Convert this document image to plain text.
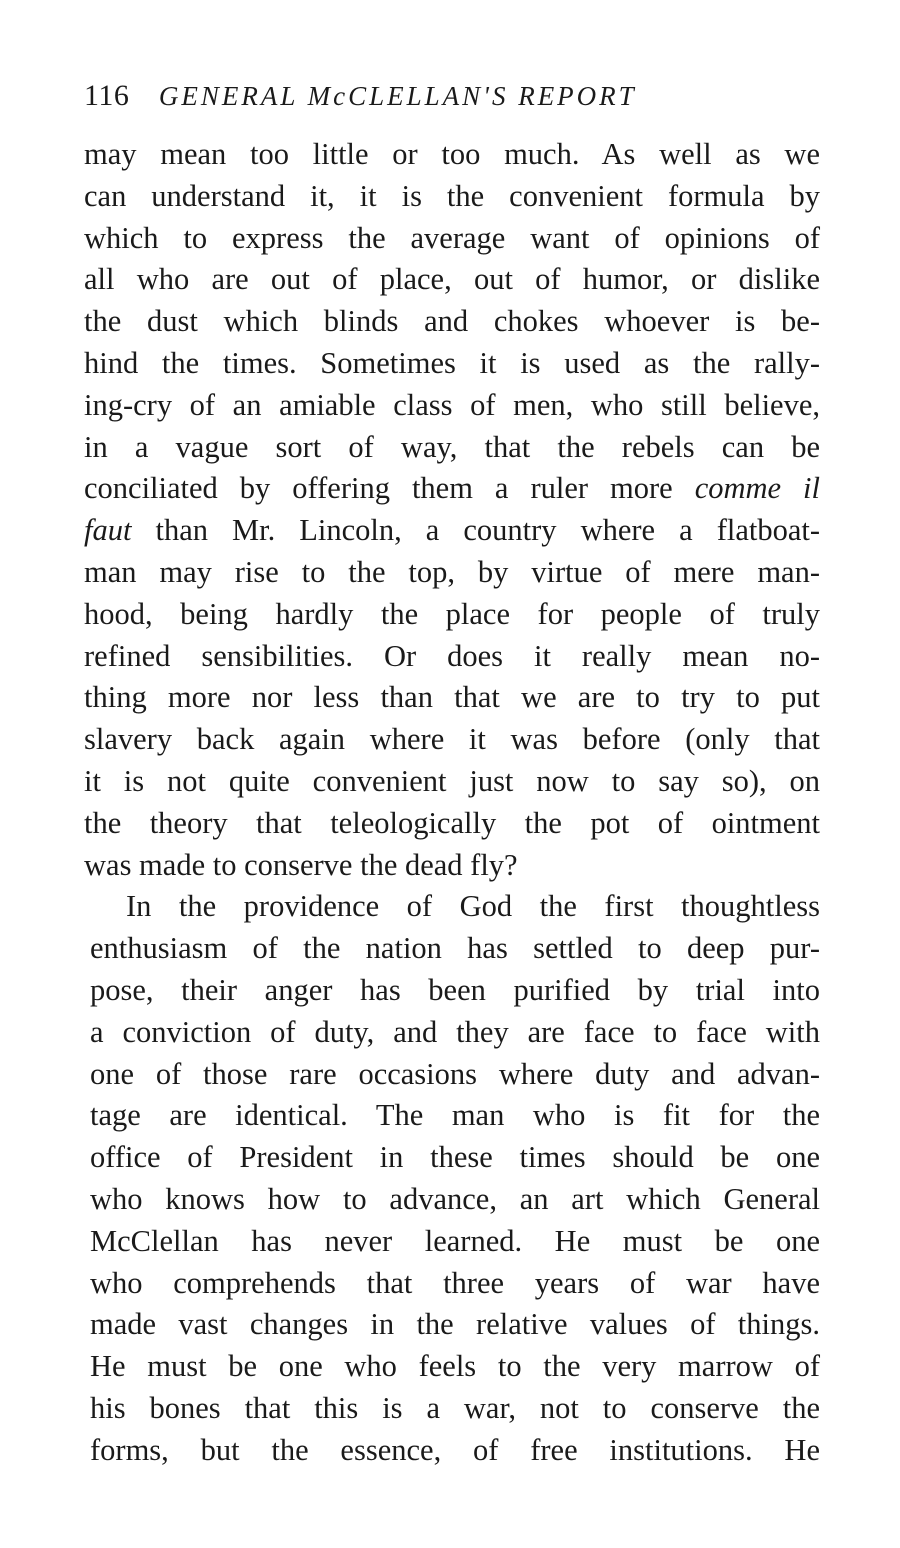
116 GENERAL McCLELLAN'S REPORT
may mean too little or too much. As well as we
can understand it, it is the convenient formula by
which to express the average want of opinions of
all who are out of place, out of humor, or dislike
the dust which blinds and chokes whoever is be-
hind the times. Sometimes it is used as the rally-
ing-cry of an amiable class of men, who still believe,
in a vague sort of way, that the rebels can be
conciliated by offering them a ruler more comme il
faut than Mr. Lincoln, a country where a flatboat-
man may rise to the top, by virtue of mere man-
hood, being hardly the place for people of truly
refined sensibilities. Or does it really mean no-
thing more nor less than that we are to try to put
slavery back again where it was before (only that
it is not quite convenient just now to say so), on
the theory that teleologically the pot of ointment
was made to conserve the dead fly?
In the providence of God the first thoughtless
enthusiasm of the nation has settled to deep pur-
pose, their anger has been purified by trial into
a conviction of duty, and they are face to face with
one of those rare occasions where duty and advan-
tage are identical. The man who is fit for the
office of President in these times should be one
who knows how to advance, an art which General
McClellan has never learned. He must be one
who comprehends that three years of war have
made vast changes in the relative values of things.
He must be one who feels to the very marrow of
his bones that this is a war, not to conserve the
forms, but the essence, of free institutions. He
